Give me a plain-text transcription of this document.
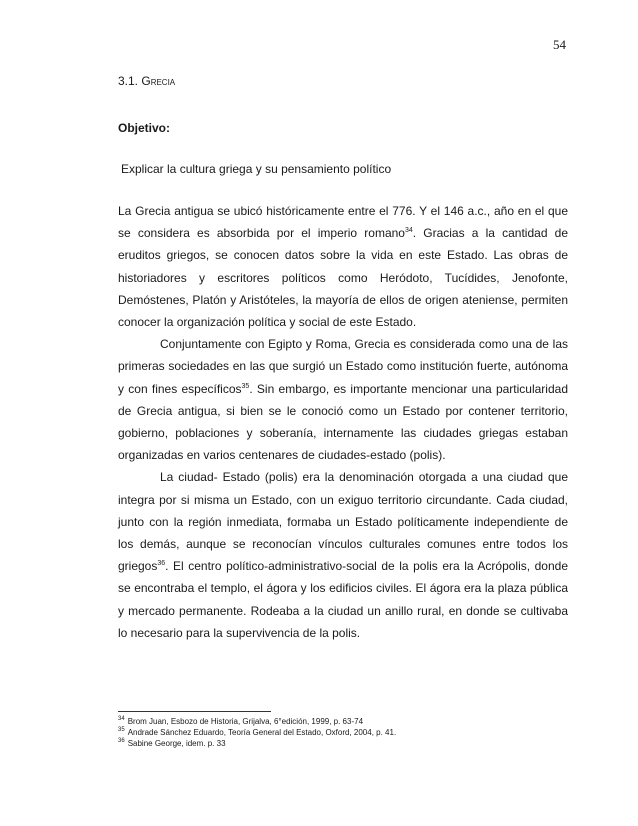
54
3.1. Grecia
Objetivo:
Explicar la cultura griega y su pensamiento político

La Grecia antigua se ubicó históricamente entre el 776. Y el 146 a.c., año en el que se considera es absorbida por el imperio romano$^{34}$. Gracias a la cantidad de eruditos griegos, se conocen datos sobre la vida en este Estado. Las obras de historiadores y escritores políticos como Heródoto, Tucídides, Jenofonte, Demóstenes, Platón y Aristóteles, la mayoría de ellos de origen ateniense, permiten conocer la organización política y social de este Estado.

Conjuntamente con Egipto y Roma, Grecia es considerada como una de las primeras sociedades en las que surgió un Estado como institución fuerte, autónoma y con fines específicos$^{35}$. Sin embargo, es importante mencionar una particularidad de Grecia antigua, si bien se le conoció como un Estado por contener territorio, gobierno, poblaciones y soberanía, internamente las ciudades griegas estaban organizadas en varios centenares de ciudades-estado (polis).

La ciudad- Estado (polis) era la denominación otorgada a una ciudad que integra por si misma un Estado, con un exiguo territorio circundante. Cada ciudad, junto con la región inmediata, formaba un Estado políticamente independiente de los demás, aunque se reconocían vínculos culturales comunes entre todos los griegos$^{36}$. El centro político-administrativo-social de la polis era la Acrópolis, donde se encontraba el templo, el ágora y los edificios civiles. El ágora era la plaza pública y mercado permanente. Rodeaba a la ciudad un anillo rural, en donde se cultivaba lo necesario para la supervivencia de la polis.

$^{34}$ Brom Juan, Esbozo de Historia, Grijalva, 6°edición, 1999, p. 63-74
$^{35}$ Andrade Sánchez Eduardo, Teoría General del Estado, Oxford, 2004, p. 41.
$^{36}$ Sabine George, idem. p. 33
